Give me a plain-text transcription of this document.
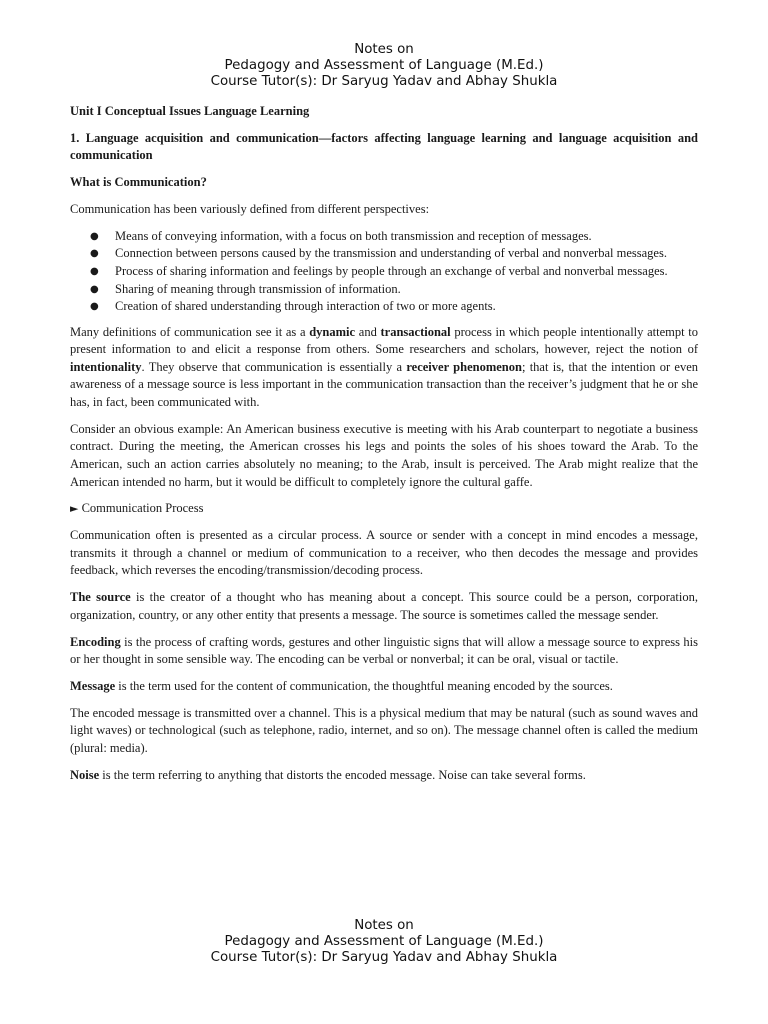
Notes on
Pedagogy and Assessment of Language (M.Ed.)
Course Tutor(s): Dr Saryug Yadav and Abhay Shukla

Unit I Conceptual Issues Language Learning

1. Language acquisition and communication—factors affecting language learning and language acquisition and communication

What is Communication?

Communication has been variously defined from different perspectives:

● Means of conveying information, with a focus on both transmission and reception of messages.
● Connection between persons caused by the transmission and understanding of verbal and nonverbal messages.
● Process of sharing information and feelings by people through an exchange of verbal and nonverbal messages.
● Sharing of meaning through transmission of information.
● Creation of shared understanding through interaction of two or more agents.

Many definitions of communication see it as a dynamic and transactional process in which people intentionally attempt to present information to and elicit a response from others. Some researchers and scholars, however, reject the notion of intentionality. They observe that communication is essentially a receiver phenomenon; that is, that the intention or even awareness of a message source is less important in the communication transaction than the receiver’s judgment that he or she has, in fact, been communicated with.

Consider an obvious example: An American business executive is meeting with his Arab counterpart to negotiate a business contract. During the meeting, the American crosses his legs and points the soles of his shoes toward the Arab. To the American, such an action carries absolutely no meaning; to the Arab, insult is perceived. The Arab might realize that the American intended no harm, but it would be difficult to completely ignore the cultural gaffe.

► Communication Process

Communication often is presented as a circular process. A source or sender with a concept in mind encodes a message, transmits it through a channel or medium of communication to a receiver, who then decodes the message and provides feedback, which reverses the encoding/transmission/decoding process.

The source is the creator of a thought who has meaning about a concept. This source could be a person, corporation, organization, country, or any other entity that presents a message. The source is sometimes called the message sender.

Encoding is the process of crafting words, gestures and other linguistic signs that will allow a message source to express his or her thought in some sensible way. The encoding can be verbal or nonverbal; it can be oral, visual or tactile.

Message is the term used for the content of communication, the thoughtful meaning encoded by the sources.

The encoded message is transmitted over a channel. This is a physical medium that may be natural (such as sound waves and light waves) or technological (such as telephone, radio, internet, and so on). The message channel often is called the medium (plural: media).

Noise is the term referring to anything that distorts the encoded message. Noise can take several forms.

Notes on
Pedagogy and Assessment of Language (M.Ed.)
Course Tutor(s): Dr Saryug Yadav and Abhay Shukla
